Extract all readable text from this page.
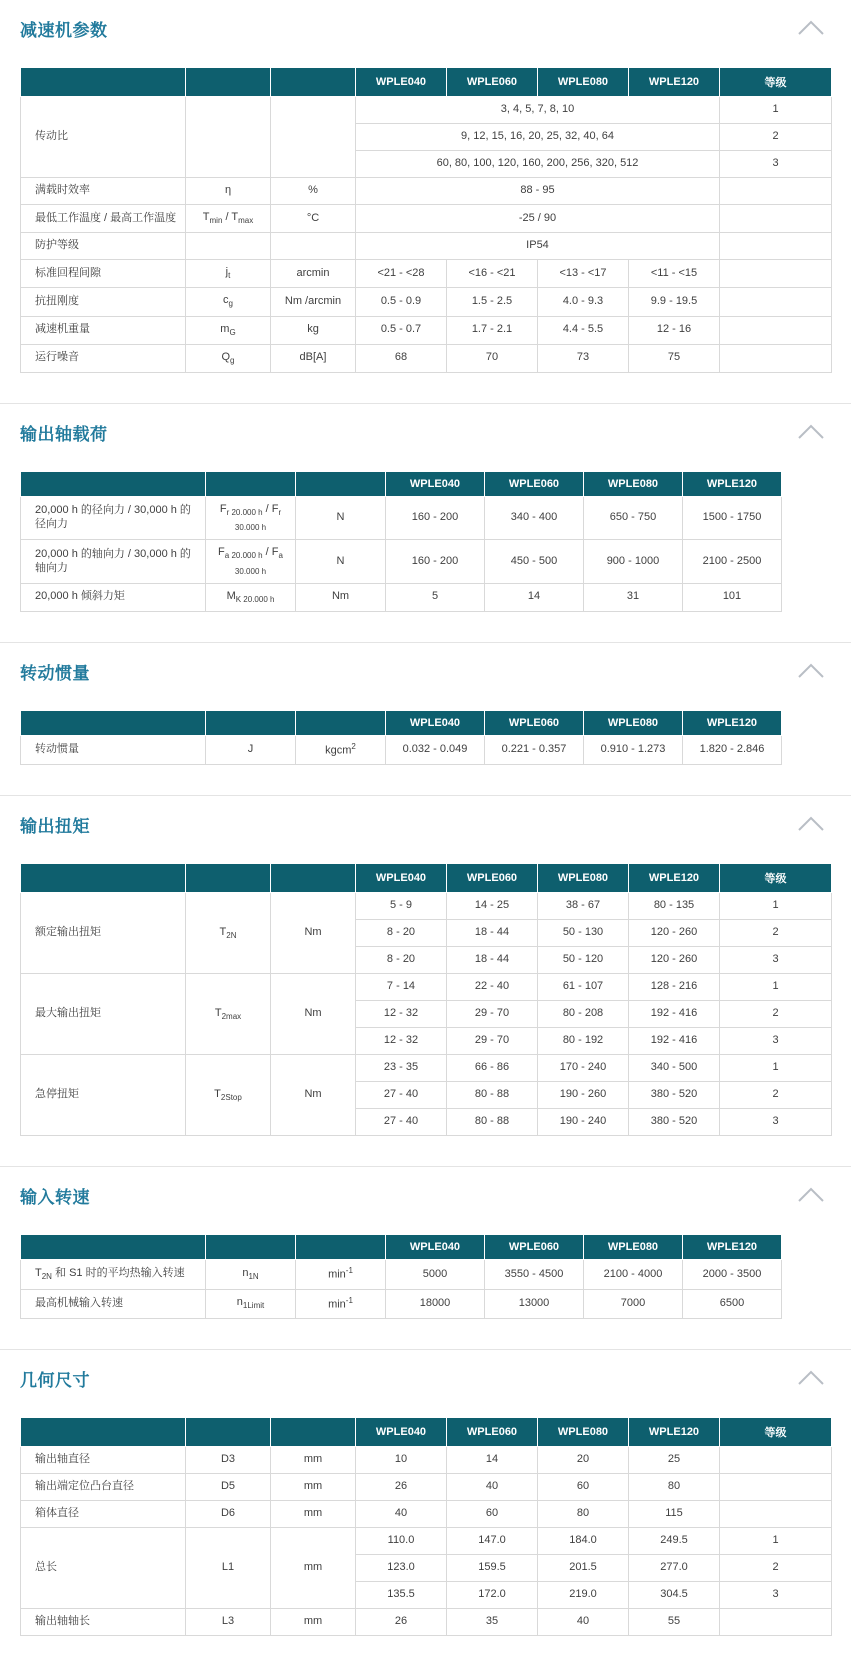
减速机参数
			WPLE040	WPLE060	WPLE080	WPLE120	等级
传动比			3, 4, 5, 7, 8, 10				1
			9, 12, 15, 16, 20, 25, 32, 40, 64				2
			60, 80, 100, 120, 160, 200, 256, 320, 512				3
满载时效率	η	%	88 - 95				
最低工作温度 / 最高工作温度	$T_{min} / T_{max}$	°C	-25 / 90				
防护等级			IP54				
标准回程间隙	$j_t$	arcmin	<21 - <28	<16 - <21	<13 - <17	<11 - <15	
抗扭刚度	$c_g$	Nm /arcmin	0.5 - 0.9	1.5 - 2.5	4.0 - 9.3	9.9 - 19.5	
减速机重量	$m_G$	kg	0.5 - 0.7	1.7 - 2.1	4.4 - 5.5	12 - 16	
运行噪音	$Q_g$	dB[A]	68	70	73	75	
输出轴载荷
			WPLE040	WPLE060	WPLE080	WPLE120
20,000 h 的径向力 / 30,000 h 的径向力	$F_{r 20.000 h} / F_{r 30.000 h}$	N	160 - 200	340 - 400	650 - 750	1500 - 1750
20,000 h 的轴向力 / 30,000 h 的轴向力	$F_{a 20.000 h} / F_{a 30.000 h}$	N	160 - 200	450 - 500	900 - 1000	2100 - 2500
20,000 h 倾斜力矩	$M_{K 20.000 h}$	Nm	5	14	31	101
转动惯量
			WPLE040	WPLE060	WPLE080	WPLE120
转动惯量	J	kgcm$^2$	0.032 - 0.049	0.221 - 0.357	0.910 - 1.273	1.820 - 2.846
输出扭矩
			WPLE040	WPLE060	WPLE080	WPLE120	等级
额定输出扭矩	$T_{2N}$	Nm	5 - 9	14 - 25	38 - 67	80 - 135	1
			8 - 20	18 - 44	50 - 130	120 - 260	2
			8 - 20	18 - 44	50 - 120	120 - 260	3
最大输出扭矩	$T_{2max}$	Nm	7 - 14	22 - 40	61 - 107	128 - 216	1
			12 - 32	29 - 70	80 - 208	192 - 416	2
			12 - 32	29 - 70	80 - 192	192 - 416	3
急停扭矩	$T_{2Stop}$	Nm	23 - 35	66 - 86	170 - 240	340 - 500	1
			27 - 40	80 - 88	190 - 260	380 - 520	2
			27 - 40	80 - 88	190 - 240	380 - 520	3
输入转速
			WPLE040	WPLE060	WPLE080	WPLE120
$T_{2N}$ 和 S1 时的平均热输入转速	$n_{1N}$	$\min^{-1}$	5000	3550 - 4500	2100 - 4000	2000 - 3500
最高机械输入转速	$n_{1Limit}$	$\min^{-1}$	18000	13000	7000	6500
几何尺寸
			WPLE040	WPLE060	WPLE080	WPLE120	等级
输出轴直径	D3	mm	10	14	20	25	
输出端定位凸台直径	D5	mm	26	40	60	80	
箱体直径	D6	mm	40	60	80	115	
总长	L1	mm	110.0	147.0	184.0	249.5	1
			123.0	159.5	201.5	277.0	2
			135.5	172.0	219.0	304.5	3
输出轴轴长	L3	mm	26	35	40	55	
